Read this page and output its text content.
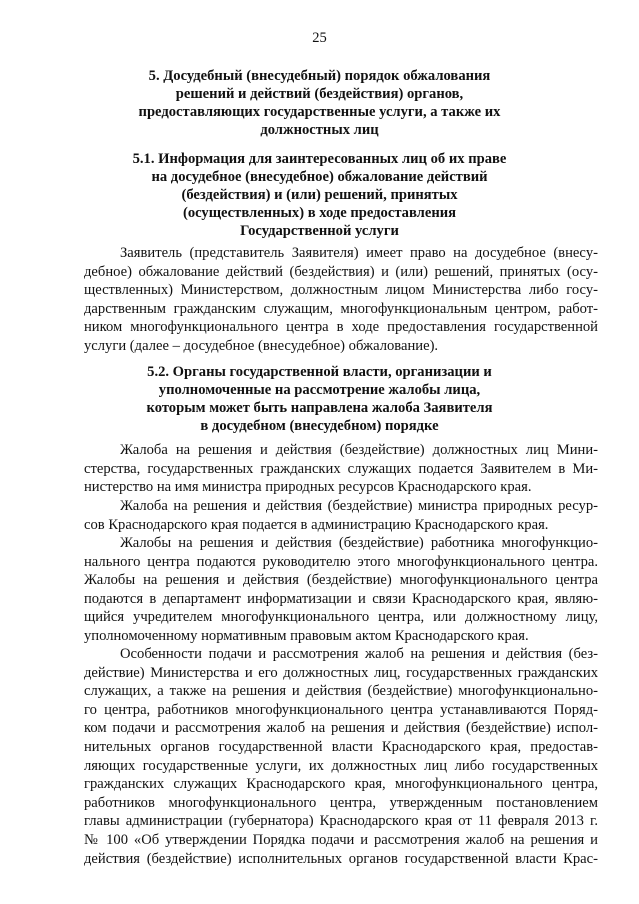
25
5. Досудебный (внесудебный) порядок обжалования
решений и действий (бездействия) органов,
предоставляющих государственные услуги, а также их
должностных лиц
5.1. Информация для заинтересованных лиц об их праве
на досудебное (внесудебное) обжалование действий
(бездействия) и (или) решений, принятых
(осуществленных) в ходе предоставления
Государственной услуги
Заявитель (представитель Заявителя) имеет право на досудебное (внеcу-
дебное) обжалование действий (бездействия) и (или) решений, принятых (осу-
ществленных) Министерством, должностным лицом Министерства либо госу-
дарственным гражданским служащим, многофункциональным центром, работ-
ником многофункционального центра в ходе предоставления государственной
услуги (далее – досудебное (внесудебное) обжалование).
5.2. Органы государственной власти, организации и
уполномоченные на рассмотрение жалобы лица,
которым может быть направлена жалоба Заявителя
в досудебном (внесудебном) порядке
Жалоба на решения и действия (бездействие) должностных лиц Мини-
стерства, государственных гражданских служащих подается Заявителем в Ми-
нистерство на имя министра природных ресурсов Краснодарского края.
Жалоба на решения и действия (бездействие) министра природных ресур-
сов Краснодарского края подается в администрацию Краснодарского края.
Жалобы на решения и действия (бездействие) работника многофункцио-
нального центра подаются руководителю этого многофункционального центра.
Жалобы на решения и действия (бездействие) многофункционального центра
подаются в департамент информатизации и связи Краснодарского края, являю-
щийся учредителем многофункционального центра, или должностному лицу,
уполномоченному нормативным правовым актом Краснодарского края.
Особенности подачи и рассмотрения жалоб на решения и действия (без-
действие) Министерства и его должностных лиц, государственных гражданских
служащих, а также на решения и действия (бездействие) многофункционально-
го центра, работников многофункционального центра устанавливаются Поряд-
ком подачи и рассмотрения жалоб на решения и действия (бездействие) испол-
нительных органов государственной власти Краснодарского края, предостав-
ляющих государственные услуги, их должностных лиц либо государственных
гражданских служащих Краснодарского края, многофункционального центра,
работников многофункционального центра, утвержденным постановлением
главы администрации (губернатора) Краснодарского края от 11 февраля 2013 г.
№ 100 «Об утверждении Порядка подачи и рассмотрения жалоб на решения и
действия (бездействие) исполнительных органов государственной власти Крас-
